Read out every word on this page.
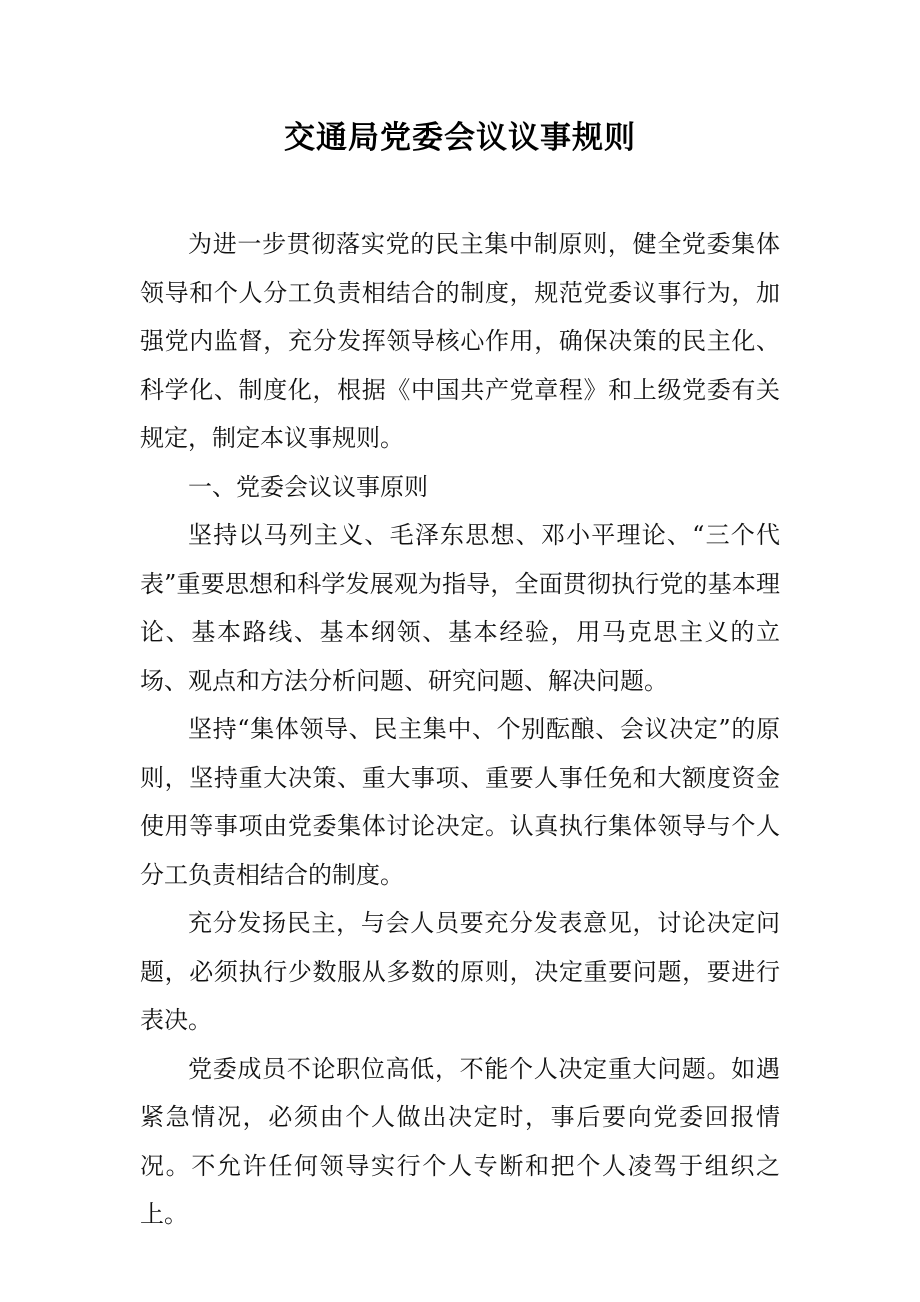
交通局党委会议议事规则

为进一步贯彻落实党的民主集中制原则，健全党委集体领导和个人分工负责相结合的制度，规范党委议事行为，加强党内监督，充分发挥领导核心作用，确保决策的民主化、科学化、制度化，根据《中国共产党章程》和上级党委有关规定，制定本议事规则。

一、党委会议议事原则

坚持以马列主义、毛泽东思想、邓小平理论、“三个代表”重要思想和科学发展观为指导，全面贯彻执行党的基本理论、基本路线、基本纲领、基本经验，用马克思主义的立场、观点和方法分析问题、研究问题、解决问题。

坚持“集体领导、民主集中、个别酝酿、会议决定”的原则，坚持重大决策、重大事项、重要人事任免和大额度资金使用等事项由党委集体讨论决定。认真执行集体领导与个人分工负责相结合的制度。

充分发扬民主，与会人员要充分发表意见，讨论决定问题，必须执行少数服从多数的原则，决定重要问题，要进行表决。

党委成员不论职位高低，不能个人决定重大问题。如遇紧急情况，必须由个人做出决定时，事后要向党委回报情况。不允许任何领导实行个人专断和把个人凌驾于组织之上。
